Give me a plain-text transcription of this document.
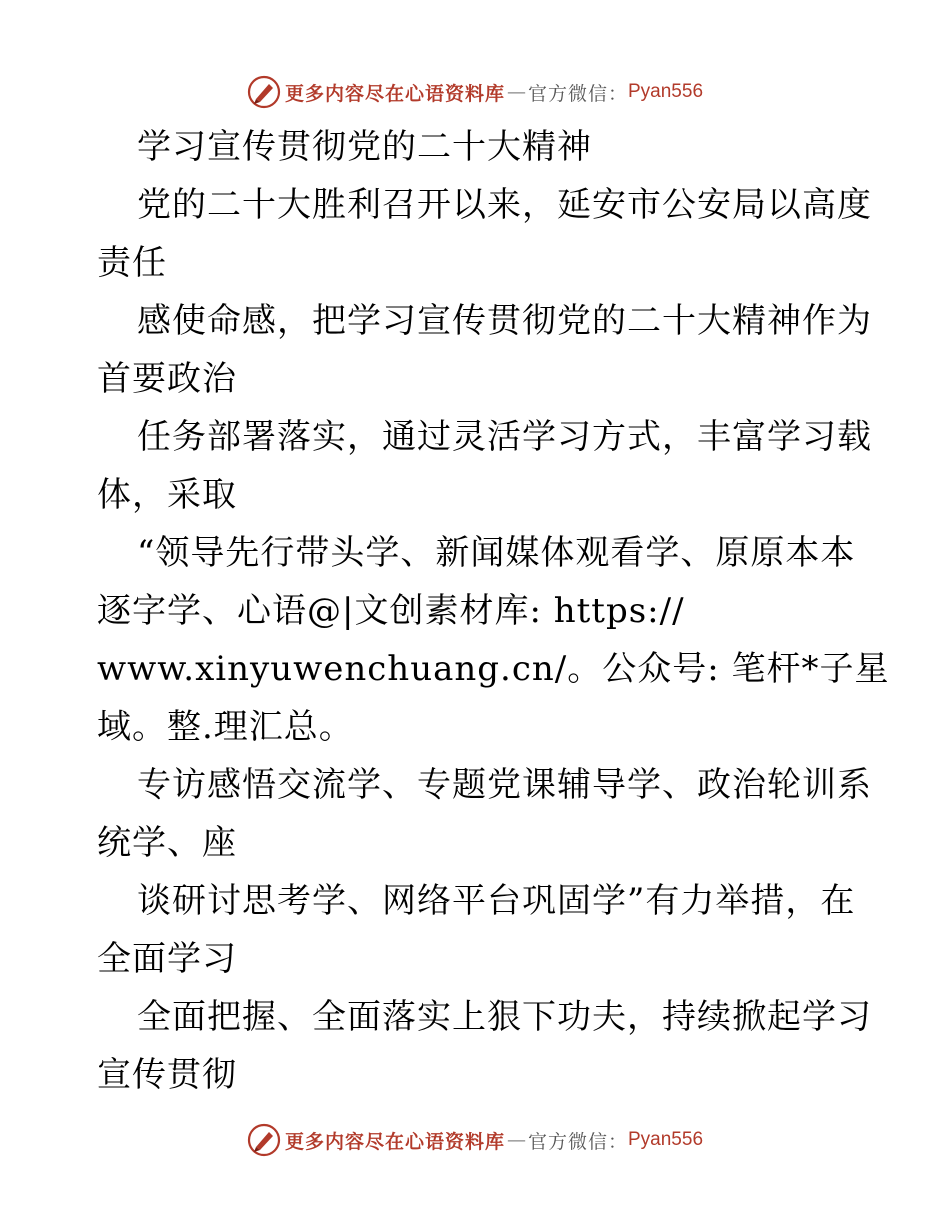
更多内容尽在心语资料库 — 官方微信： Pyan556
学习宣传贯彻党的二十大精神
党的二十大胜利召开以来，延安市公安局以高度
责任
感使命感，把学习宣传贯彻党的二十大精神作为
首要政治
任务部署落实，通过灵活学习方式，丰富学习载
体，采取
“领导先行带头学、新闻媒体观看学、原原本本
逐字学、心语@|文创素材库: https://
www.xinyuwenchuang.cn/。公众号: 笔杆*子星
域。整.理汇总。
专访感悟交流学、专题党课辅导学、政治轮训系
统学、座
谈研讨思考学、网络平台巩固学”有力举措，在
全面学习
全面把握、全面落实上狠下功夫，持续掀起学习
宣传贯彻
更多内容尽在心语资料库 — 官方微信： Pyan556
